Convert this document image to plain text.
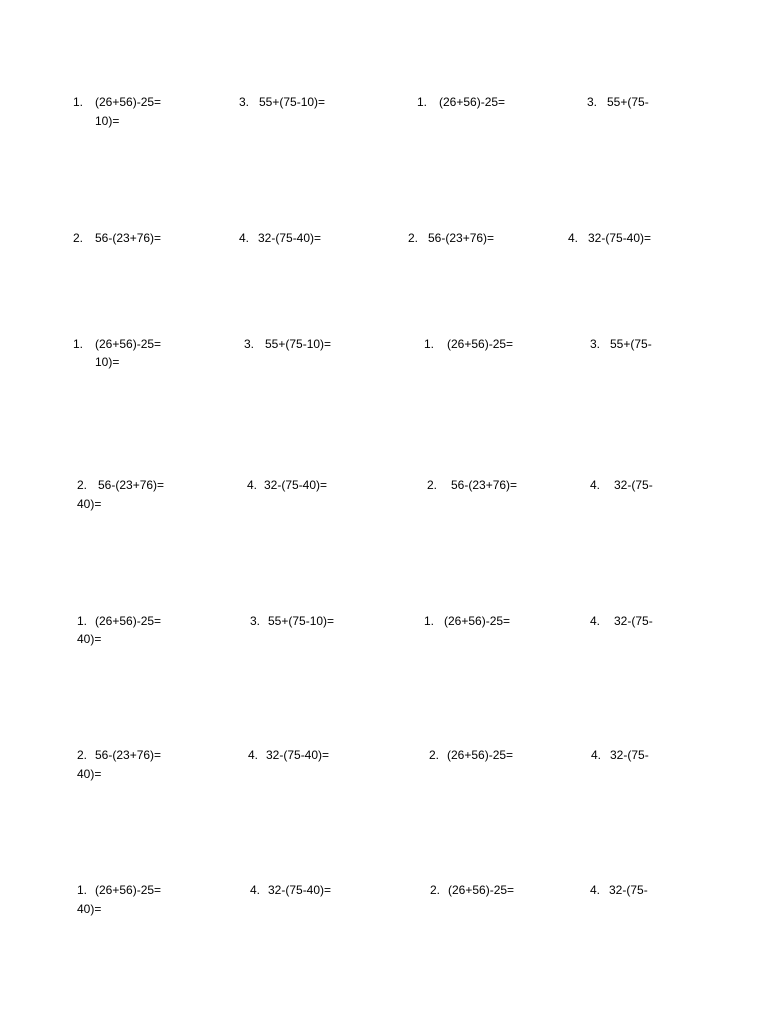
1. (26+56)-25=	3. 55+(75-10)=	1. (26+56)-25=	3. 55+(75-
10)=
2. 56-(23+76)=	4. 32-(75-40)=	2. 56-(23+76)=	4. 32-(75-40)=
1. (26+56)-25=	3. 55+(75-10)=	1. (26+56)-25=	3. 55+(75-
10)=
2. 56-(23+76)=	4. 32-(75-40)=	2. 56-(23+76)=	4. 32-(75-
40)=
1. (26+56)-25=	3. 55+(75-10)=	1. (26+56)-25=	4. 32-(75-
40)=
2. 56-(23+76)=	4. 32-(75-40)=	2. (26+56)-25=	4. 32-(75-
40)=
1. (26+56)-25=	4. 32-(75-40)=	2. (26+56)-25=	4. 32-(75-
40)=
